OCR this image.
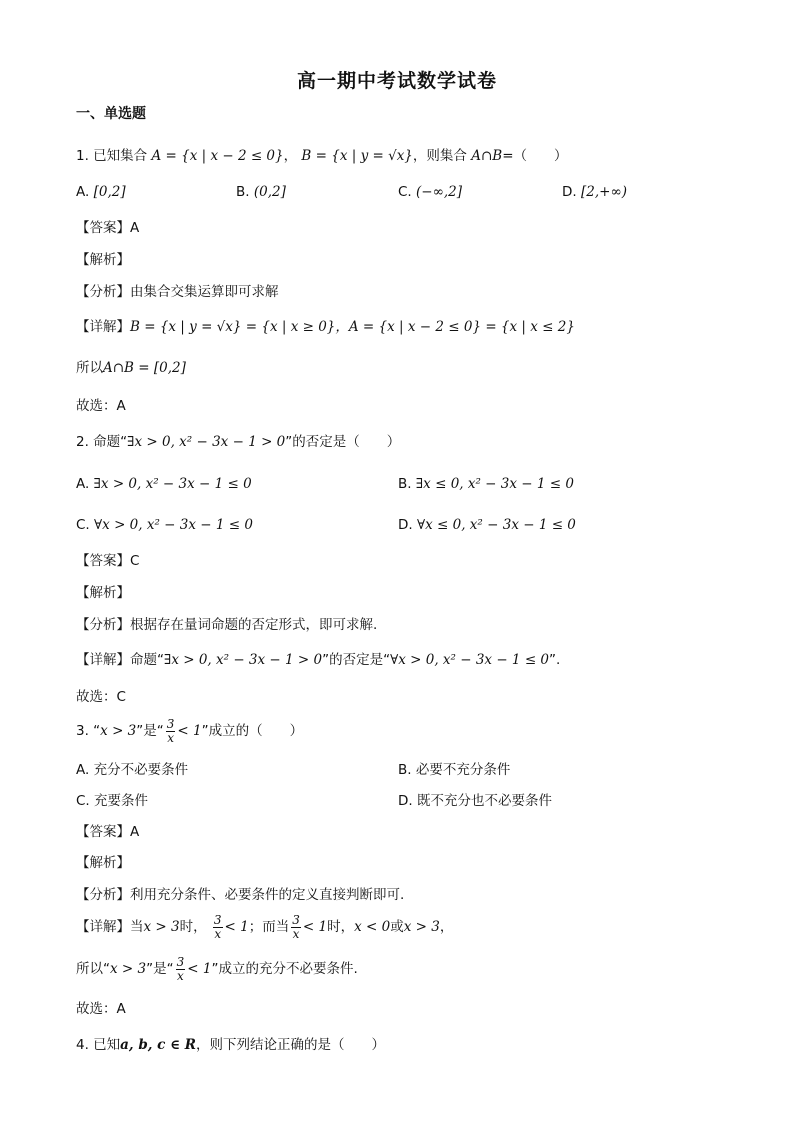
高一期中考试数学试卷
一、单选题
1. 已知集合 A = {x | x − 2 ≤ 0}， B = {x | y = √x}，则集合 A∩B=（　　）
A. [0,2]	B. (0,2]	C. (−∞,2]	D. [2,+∞)
【答案】A
【解析】
【分析】由集合交集运算即可求解
【详解】B = {x | y = √x} = {x | x ≥ 0}，A = {x | x − 2 ≤ 0} = {x | x ≤ 2}
所以A∩B = [0,2]
故选：A
2. 命题“∃x > 0, x² − 3x − 1 > 0”的否定是（　　）
A. ∃x > 0, x² − 3x − 1 ≤ 0	B. ∃x ≤ 0, x² − 3x − 1 ≤ 0
C. ∀x > 0, x² − 3x − 1 ≤ 0	D. ∀x ≤ 0, x² − 3x − 1 ≤ 0
【答案】C
【解析】
【分析】根据存在量词命题的否定形式，即可求解.
【详解】命题“∃x > 0, x² − 3x − 1 > 0”的否定是“∀x > 0, x² − 3x − 1 ≤ 0”.
故选：C
3. “x > 3”是“ $\frac{3}{x} < 1$”成立的（　　）
A. 充分不必要条件	B. 必要不充分条件
C. 充要条件	D. 既不充分也不必要条件
【答案】A
【解析】
【分析】利用充分条件、必要条件的定义直接判断即可.
【详解】当x > 3时， $\frac{3}{x} < 1$；而当 $\frac{3}{x} < 1$时，x < 0或x > 3，
所以“x > 3”是“ $\frac{3}{x} < 1$”成立的充分不必要条件.
故选：A
4. 已知a, b, c ∈ R，则下列结论正确的是（　　）
